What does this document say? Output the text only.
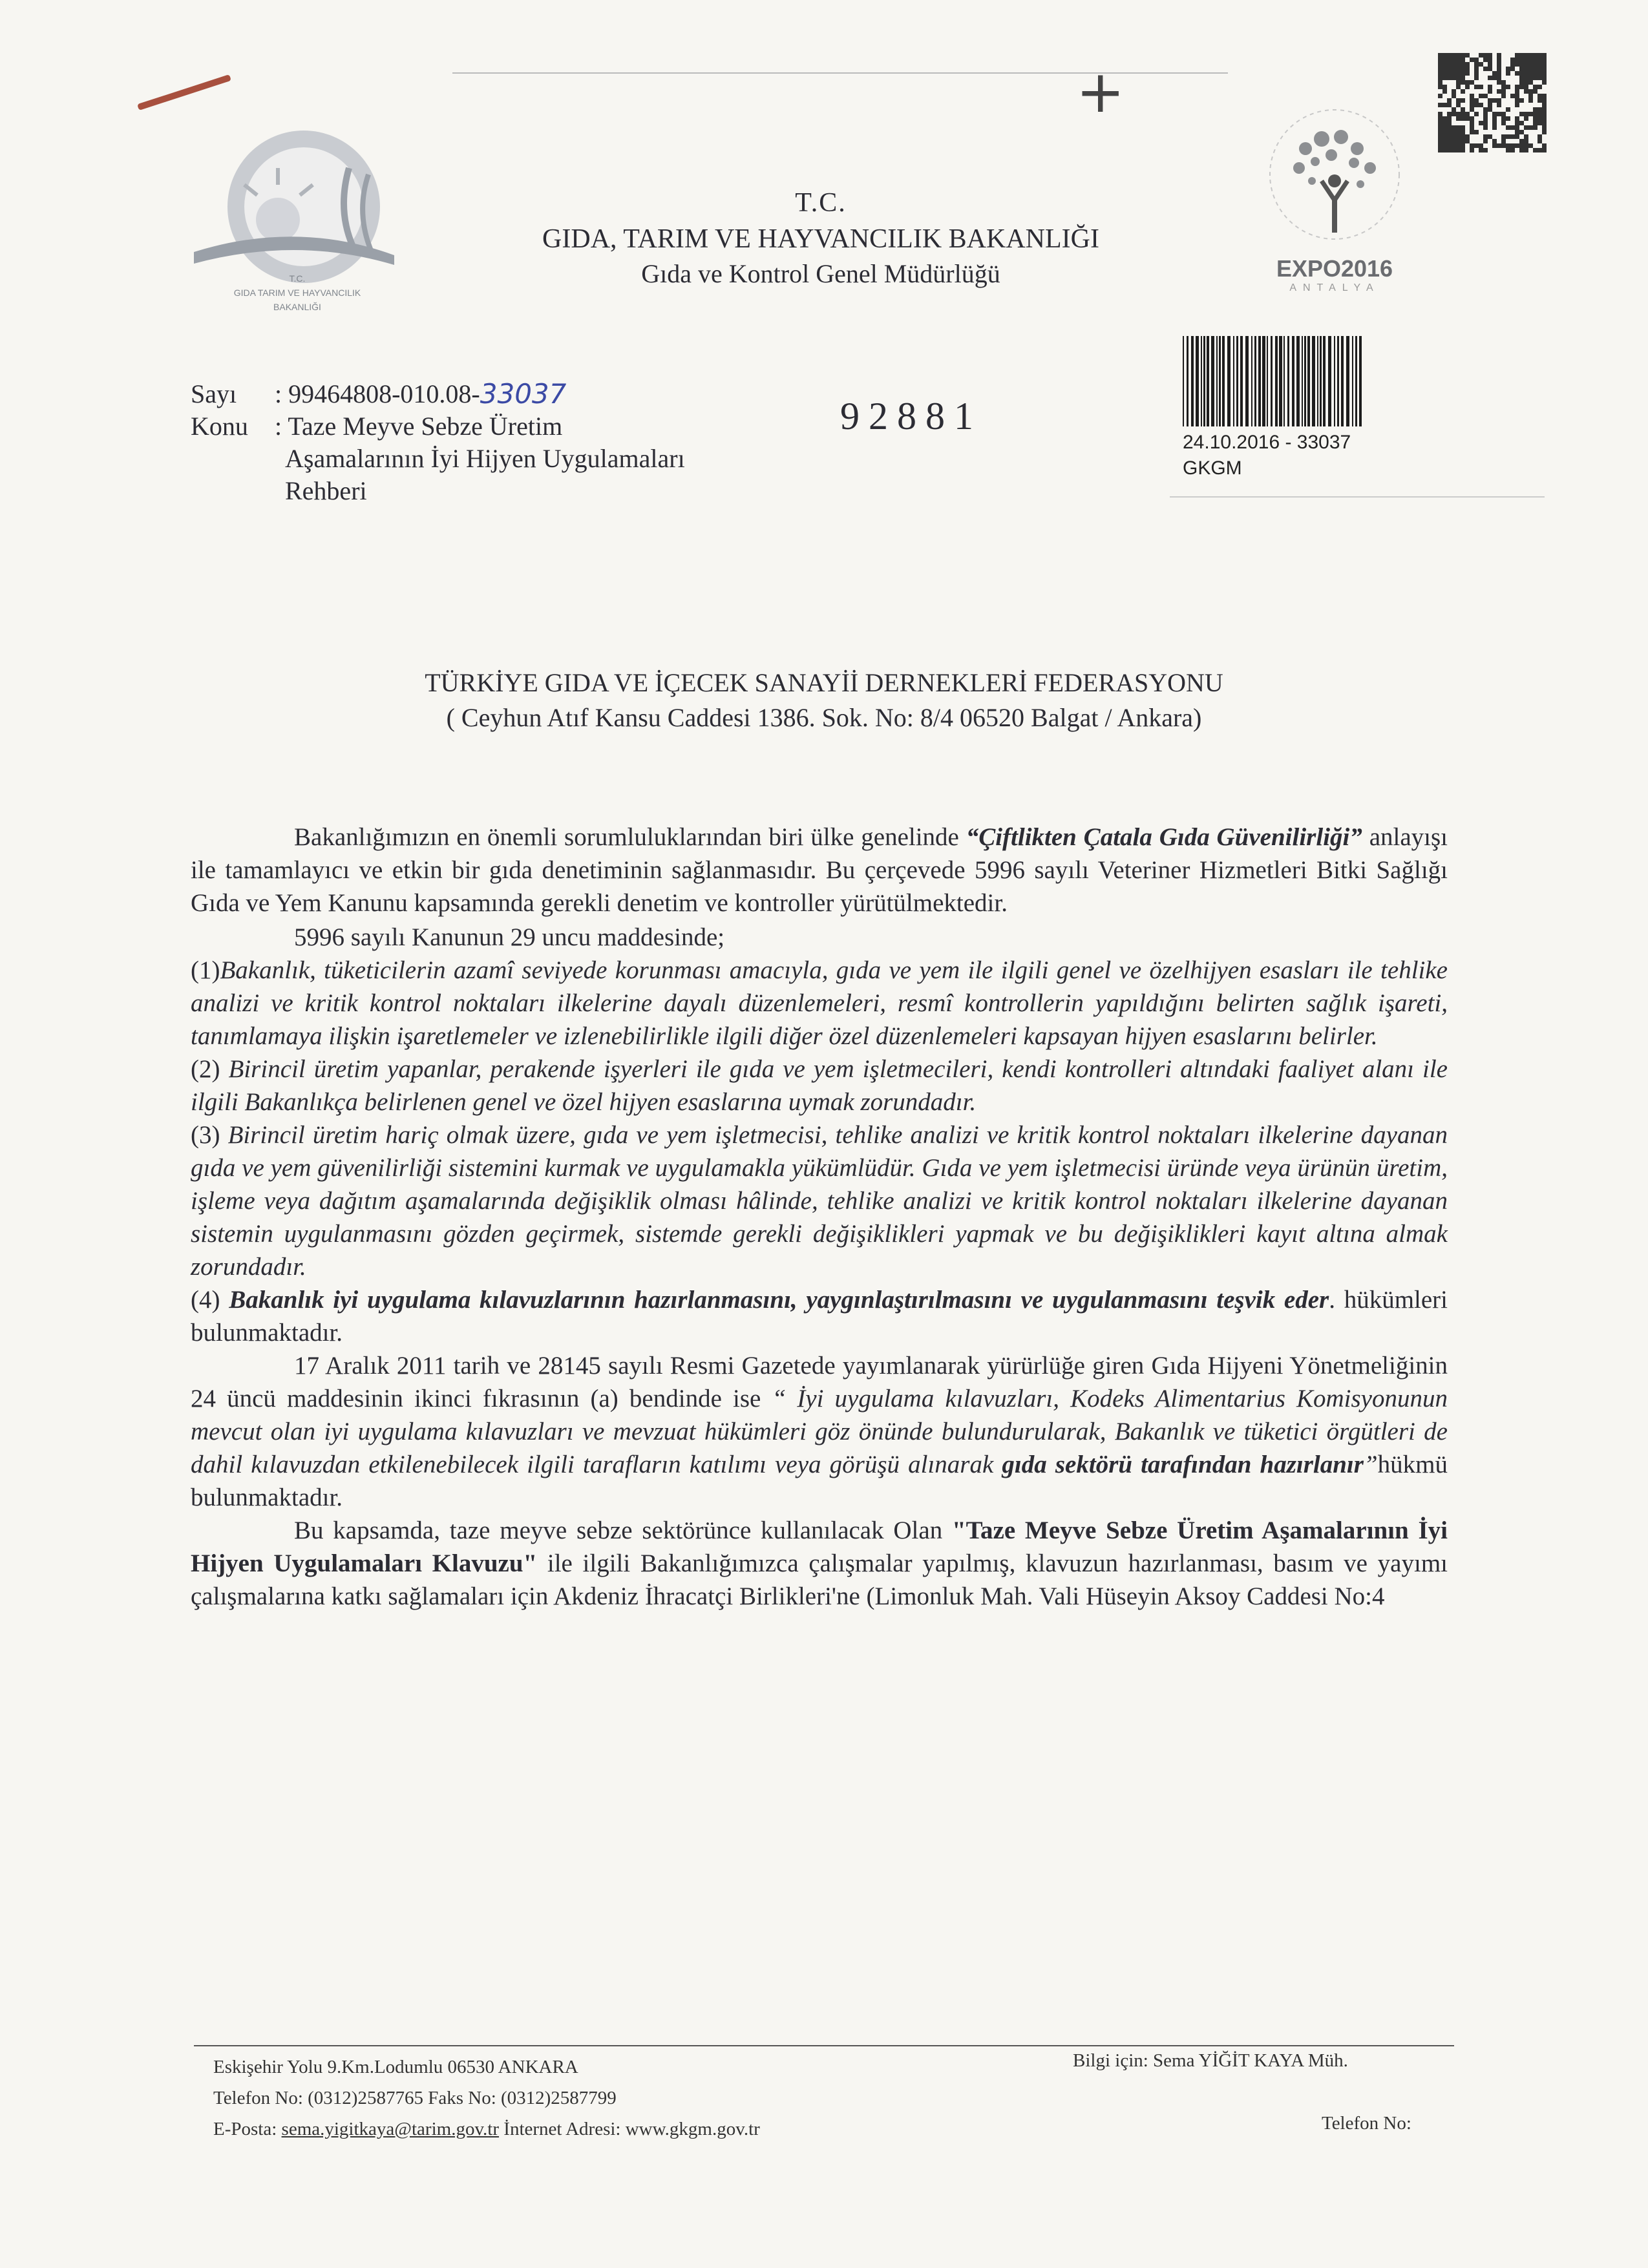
+
T.C.
GIDA TARIM VE HAYVANCILIK
BAKANLIĞI
T.C.
GIDA, TARIM VE HAYVANCILIK BAKANLIĞI
Gıda ve Kontrol Genel Müdürlüğü	EXPO2016
ANTALYA
Sayı	: 99464808-010.08- 33037
Konu	: Taze Meyve Sebze Üretim
Aşamalarının İyi Hijyen Uygulamaları
Rehberi
92881
24.10.2016 - 33037
GKGM
TÜRKİYE GIDA VE İÇECEK SANAYİİ DERNEKLERİ FEDERASYONU
( Ceyhun Atıf Kansu Caddesi 1386. Sok. No: 8/4 06520 Balgat / Ankara)

Bakanlığımızın en önemli sorumluluklarından biri ülke genelinde “Çiftlikten Çatala Gıda Güvenilirliği” anlayışı ile tamamlayıcı ve etkin bir gıda denetiminin sağlanmasıdır. Bu çerçevede 5996 sayılı Veteriner Hizmetleri Bitki Sağlığı Gıda ve Yem Kanunu kapsamında gerekli denetim ve kontroller yürütülmektedir.

5996 sayılı Kanunun 29 uncu maddesinde;

(1)Bakanlık, tüketicilerin azamî seviyede korunması amacıyla, gıda ve yem ile ilgili genel ve özelhijyen esasları ile tehlike analizi ve kritik kontrol noktaları ilkelerine dayalı düzenlemeleri, resmî kontrollerin yapıldığını belirten sağlık işareti, tanımlamaya ilişkin işaretlemeler ve izlenebilirlikle ilgili diğer özel düzenlemeleri kapsayan hijyen esaslarını belirler.

(2) Birincil üretim yapanlar, perakende işyerleri ile gıda ve yem işletmecileri, kendi kontrolleri altındaki faaliyet alanı ile ilgili Bakanlıkça belirlenen genel ve özel hijyen esaslarına uymak zorundadır.

(3) Birincil üretim hariç olmak üzere, gıda ve yem işletmecisi, tehlike analizi ve kritik kontrol noktaları ilkelerine dayanan gıda ve yem güvenilirliği sistemini kurmak ve uygulamakla yükümlüdür. Gıda ve yem işletmecisi üründe veya ürünün üretim, işleme veya dağıtım aşamalarında değişiklik olması hâlinde, tehlike analizi ve kritik kontrol noktaları ilkelerine dayanan sistemin uygulanmasını gözden geçirmek, sistemde gerekli değişiklikleri yapmak ve bu değişiklikleri kayıt altına almak zorundadır.

(4) Bakanlık iyi uygulama kılavuzlarının hazırlanmasını, yaygınlaştırılmasını ve uygulanmasını teşvik eder. hükümleri bulunmaktadır.

17 Aralık 2011 tarih ve 28145 sayılı Resmi Gazetede yayımlanarak yürürlüğe giren Gıda Hijyeni Yönetmeliğinin 24 üncü maddesinin ikinci fıkrasının (a) bendinde ise “ İyi uygulama kılavuzları, Kodeks Alimentarius Komisyonunun mevcut olan iyi uygulama kılavuzları ve mevzuat hükümleri göz önünde bulundurularak, Bakanlık ve tüketici örgütleri de dahil kılavuzdan etkilenebilecek ilgili tarafların katılımı veya görüşü alınarak gıda sektörü tarafından hazırlanır”hükmü bulunmaktadır.

Bu kapsamda, taze meyve sebze sektörünce kullanılacak Olan "Taze Meyve Sebze Üretim Aşamalarının İyi Hijyen Uygulamaları Klavuzu" ile ilgili Bakanlığımızca çalışmalar yapılmış, klavuzun hazırlanması, basım ve yayımı çalışmalarına katkı sağlamaları için Akdeniz İhracatçi Birlikleri'ne (Limonluk Mah. Vali Hüseyin Aksoy Caddesi No:4

Eskişehir Yolu 9.Km.Lodumlu 06530 ANKARA
Telefon No: (0312)2587765 Faks No: (0312)2587799
E-Posta: sema.yigitkaya@tarim.gov.tr İnternet Adresi: www.gkgm.gov.tr
Bilgi için: Sema YİĞİT KAYA Müh.
Telefon No:
